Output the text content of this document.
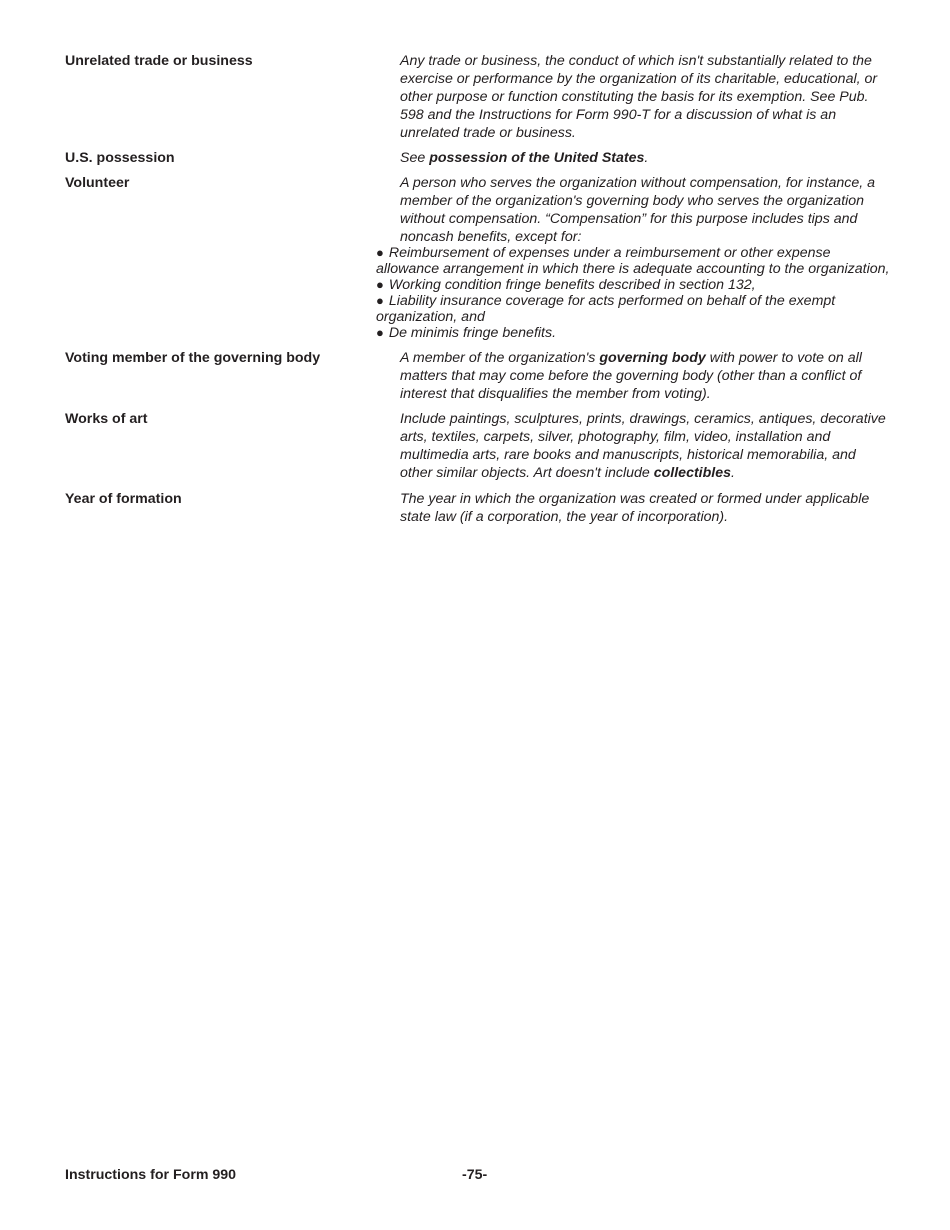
Unrelated trade or business	Any trade or business, the conduct of which isn't substantially related to the exercise or performance by the organization of its charitable, educational, or other purpose or function constituting the basis for its exemption. See Pub. 598 and the Instructions for Form 990-T for a discussion of what is an unrelated trade or business.
U.S. possession	See possession of the United States.
Volunteer	A person who serves the organization without compensation, for instance, a member of the organization's governing body who serves the organization without compensation. “Compensation” for this purpose includes tips and noncash benefits, except for:
● Reimbursement of expenses under a reimbursement or other expense allowance arrangement in which there is adequate accounting to the organization,
● Working condition fringe benefits described in section 132,
● Liability insurance coverage for acts performed on behalf of the exempt organization, and
● De minimis fringe benefits.
Voting member of the governing body	A member of the organization's governing body with power to vote on all matters that may come before the governing body (other than a conflict of interest that disqualifies the member from voting).
Works of art	Include paintings, sculptures, prints, drawings, ceramics, antiques, decorative arts, textiles, carpets, silver, photography, film, video, installation and multimedia arts, rare books and manuscripts, historical memorabilia, and other similar objects. Art doesn't include collectibles.
Year of formation	The year in which the organization was created or formed under applicable state law (if a corporation, the year of incorporation).
Instructions for Form 990	-75-
